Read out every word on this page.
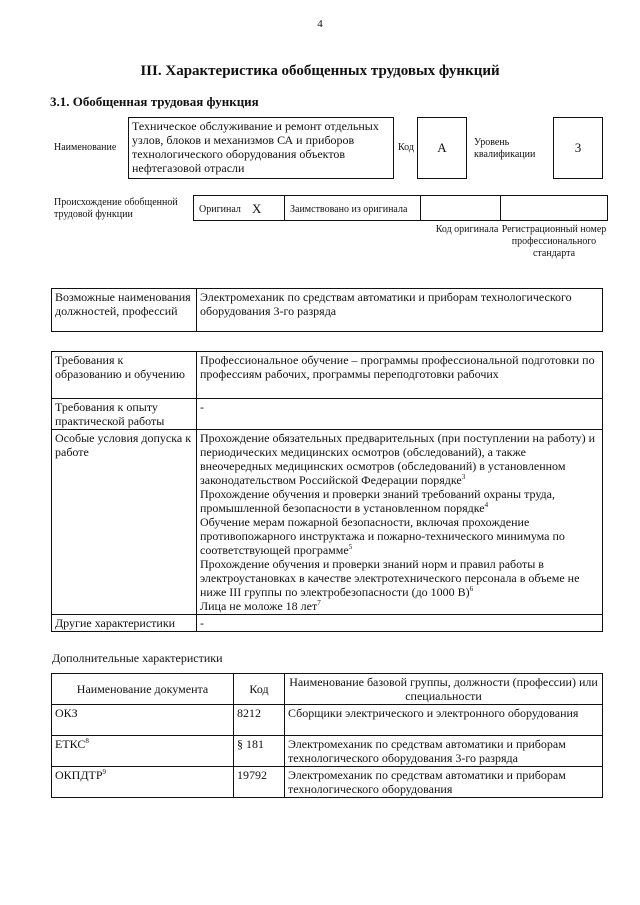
4
III. Характеристика обобщенных трудовых функций
3.1. Обобщенная трудовая функция
Наименование
Техническое обслуживание и ремонт отдельных узлов, блоков и механизмов СА и приборов технологического оборудования объектов нефтегазовой отрасли
Код	А	Уровень квалификации	3
Происхождение обобщенной трудовой функции	Оригинал Х	Заимствовано из оригинала
Код оригинала Регистрационный номер профессионального стандарта
Возможные наименования должностей, профессий	Электромеханик по средствам автоматики и приборам технологического оборудования 3-го разряда
Требования к образованию и обучению	Профессиональное обучение – программы профессиональной подготовки по профессиям рабочих, программы переподготовки рабочих
Требования к опыту практической работы	-
Особые условия допуска к работе	Прохождение обязательных предварительных (при поступлении на работу) и периодических медицинских осмотров (обследований), а также внеочередных медицинских осмотров (обследований) в установленном законодательством Российской Федерации порядке$^3$
Прохождение обучения и проверки знаний требований охраны труда, промышленной безопасности в установленном порядке$^4$
Обучение мерам пожарной безопасности, включая прохождение противопожарного инструктажа и пожарно-технического минимума по соответствующей программе$^5$
Прохождение обучения и проверки знаний норм и правил работы в электроустановках в качестве электротехнического персонала в объеме не ниже III группы по электробезопасности (до 1000 В)$^6$
Лица не моложе 18 лет$^7$

Другие характеристики	-
Дополнительные характеристики
Наименование документа	Код	Наименование базовой группы, должности (профессии) или специальности
ОКЗ	8212	Сборщики электрического и электронного оборудования
ЕТКС$^8$	§ 181	Электромеханик по средствам автоматики и приборам технологического оборудования 3-го разряда
ОКПДТР$^9$	19792	Электромеханик по средствам автоматики и приборам технологического оборудования
